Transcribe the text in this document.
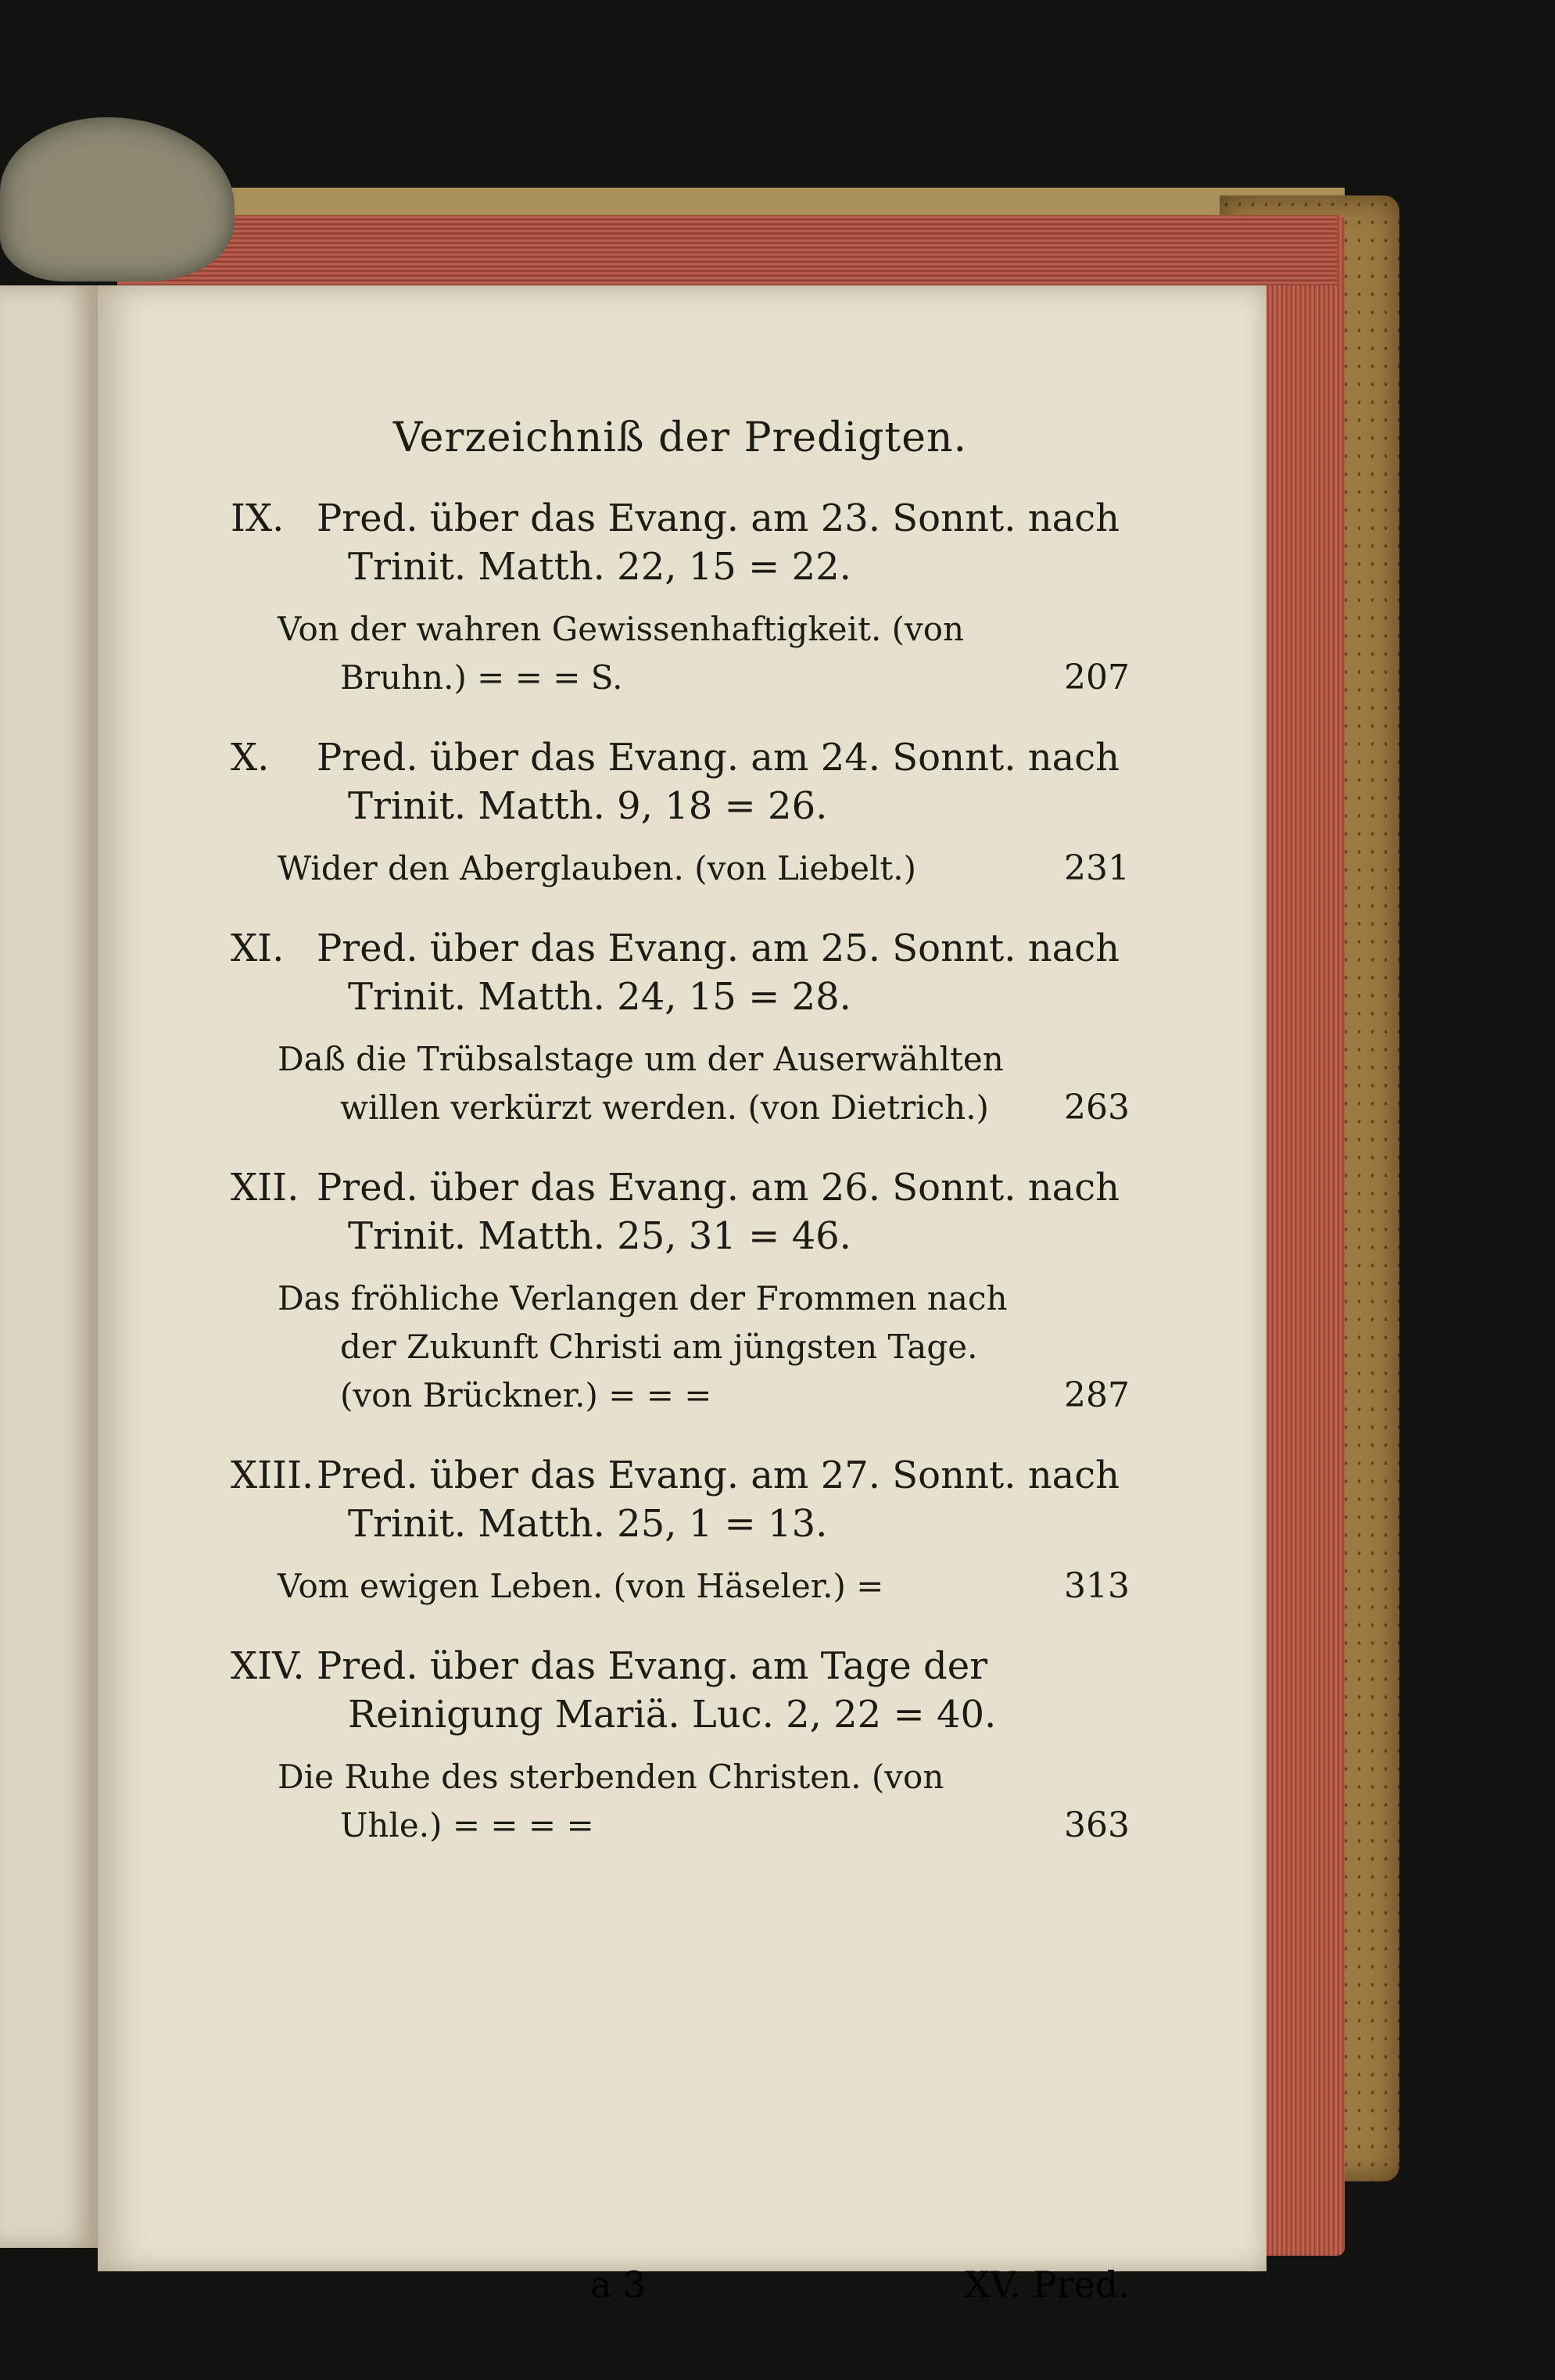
Verzeichniß der Predigten.
IX. Pred. über das Evang. am 23. Sonnt. nach Trinit. Matth. 22, 15 = 22.
Von der wahren Gewissenhaftigkeit. (von Bruhn.) = = = S.	207
X. Pred. über das Evang. am 24. Sonnt. nach Trinit. Matth. 9, 18 = 26.
Wider den Aberglauben. (von Liebelt.)	231
XI. Pred. über das Evang. am 25. Sonnt. nach Trinit. Matth. 24, 15 = 28.
Daß die Trübsalstage um der Auserwählten willen verkürzt werden. (von Dietrich.) 263
XII. Pred. über das Evang. am 26. Sonnt. nach Trinit. Matth. 25, 31 = 46.
Das fröhliche Verlangen der Frommen nach der Zukunft Christi am jüngsten Tage. (von Brückner.) = = =	287
XIII.Pred. über das Evang. am 27. Sonnt. nach Trinit. Matth. 25, 1 = 13.
Vom ewigen Leben. (von Häseler.) =	313
XIV. Pred. über das Evang. am Tage der Reinigung Mariä. Luc. 2, 22 = 40.
Die Ruhe des sterbenden Christen. (von Uhle.) = = = =	363
a 3	XV. Pred.
